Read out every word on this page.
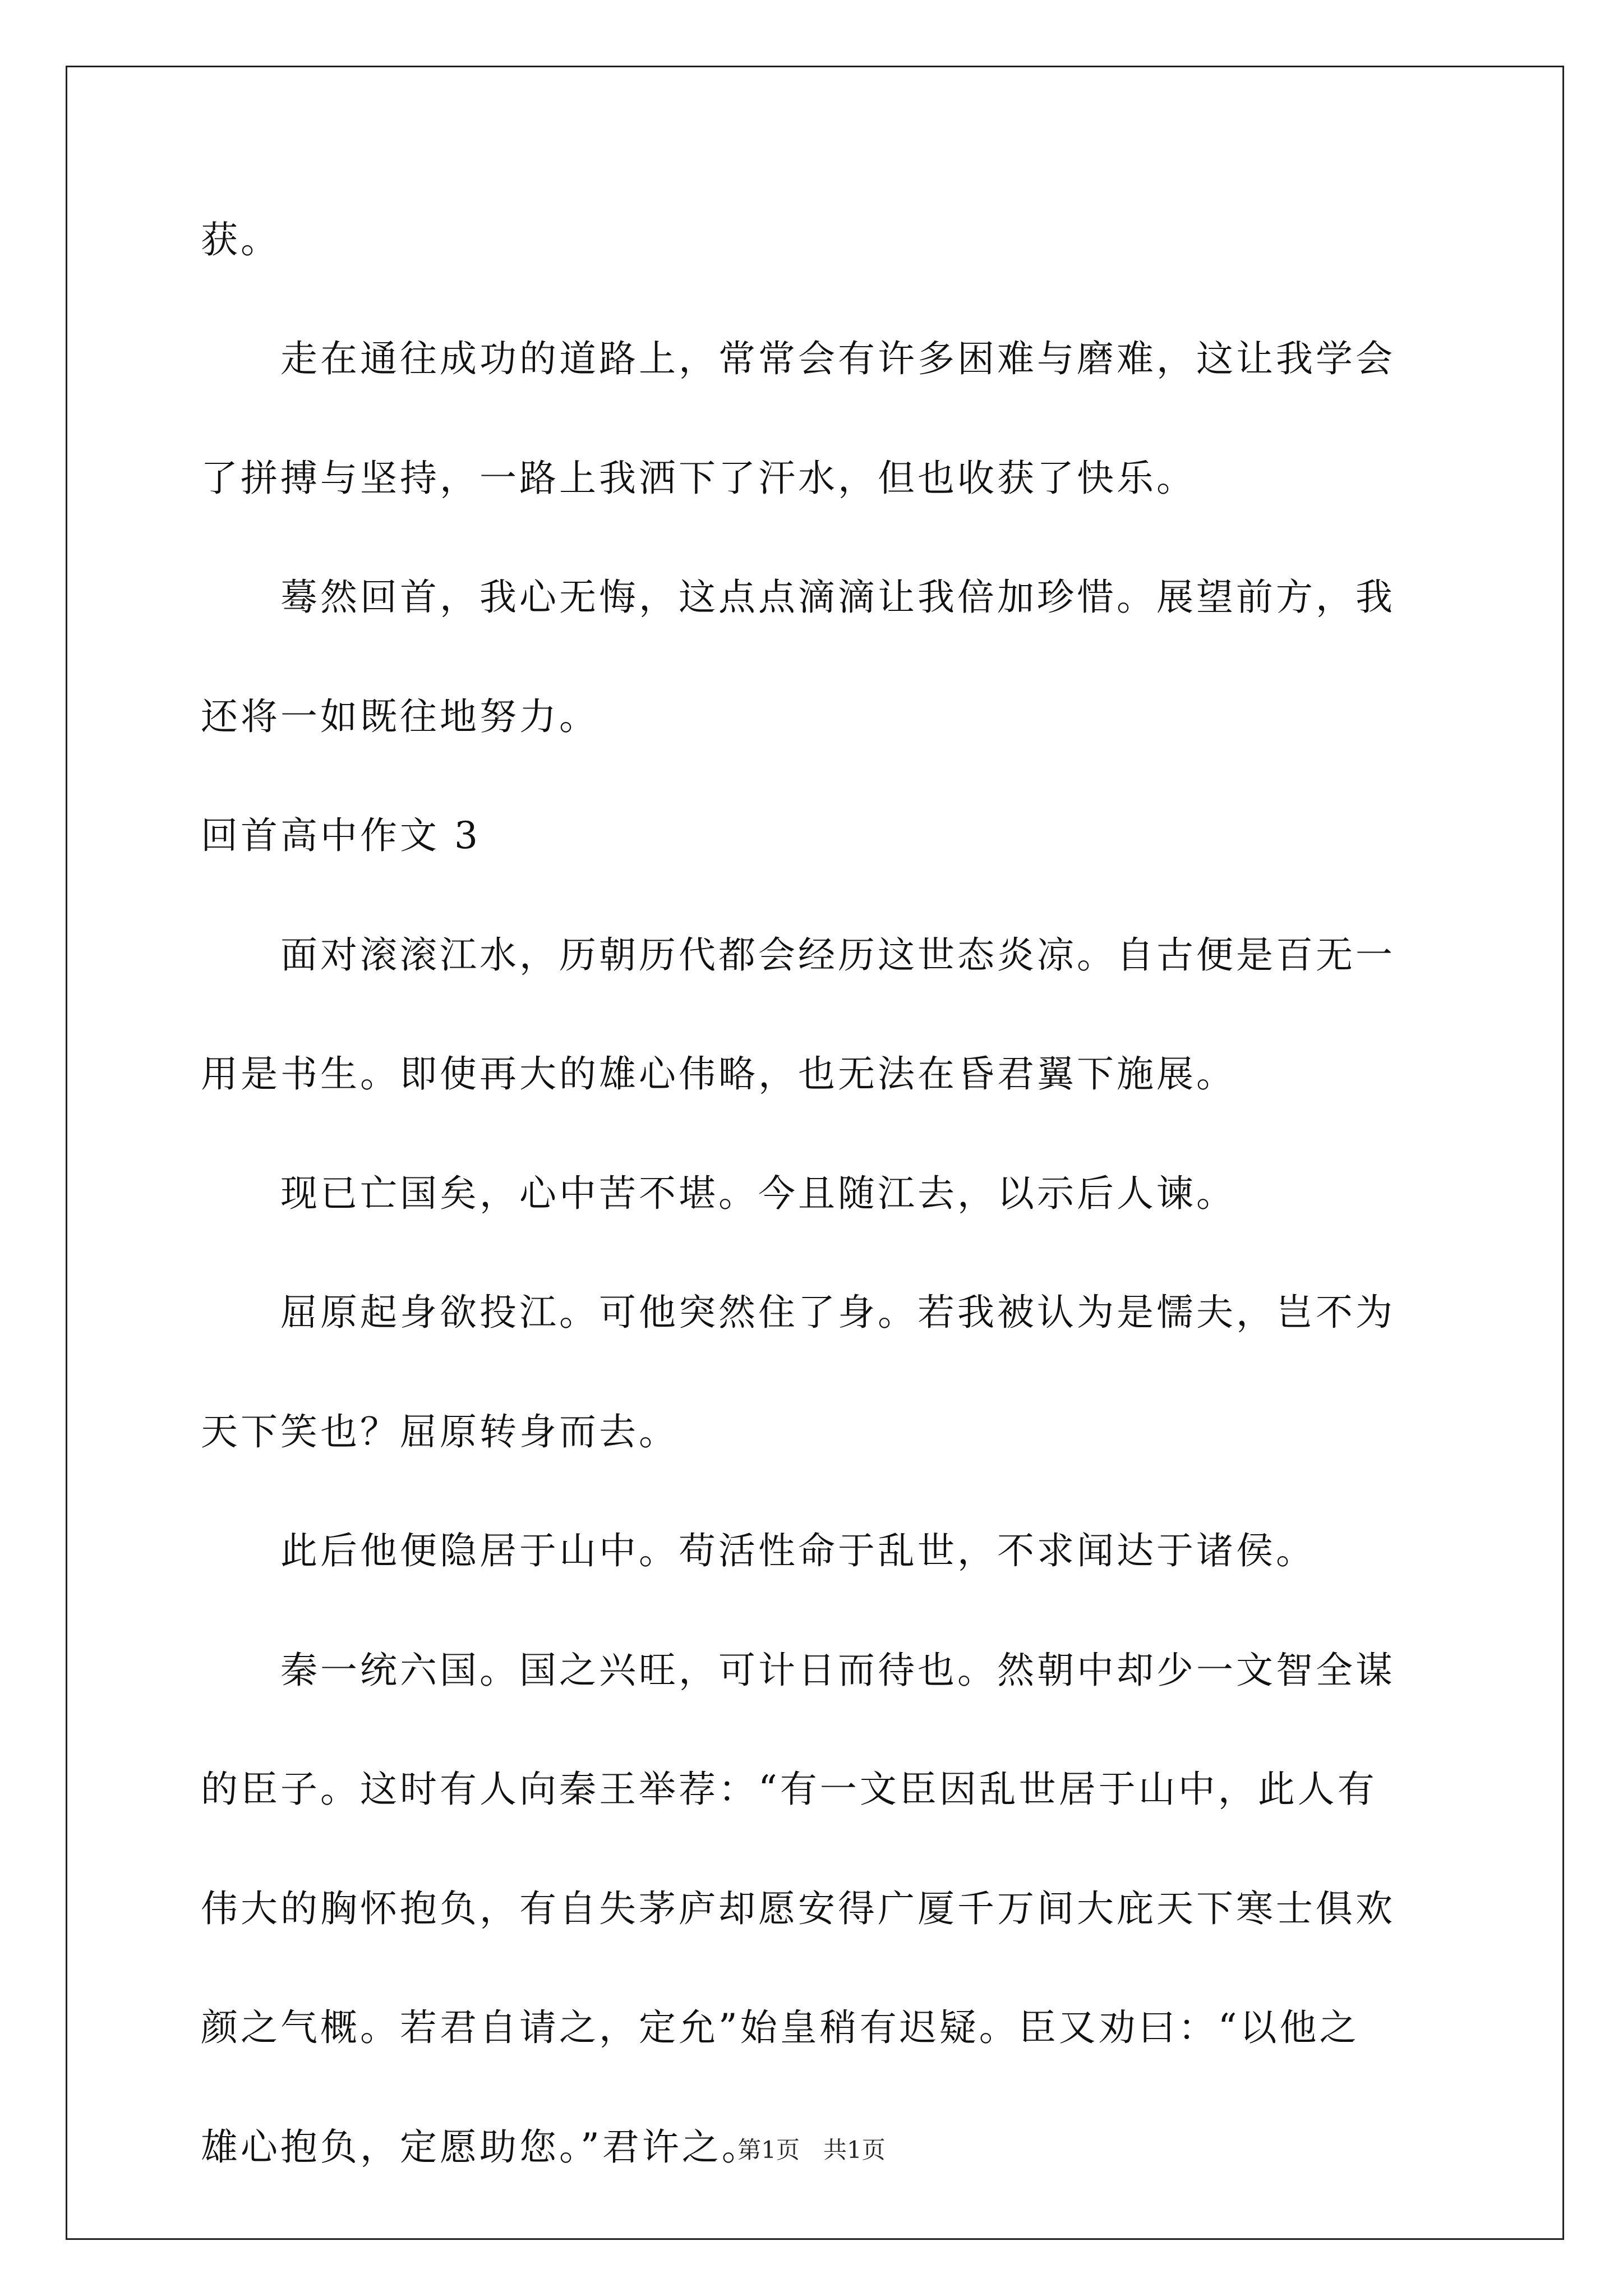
获。

　　走在通往成功的道路上，常常会有许多困难与磨难，这让我学会

了拼搏与坚持，一路上我洒下了汗水，但也收获了快乐。

　　蓦然回首，我心无悔，这点点滴滴让我倍加珍惜。展望前方，我

还将一如既往地努力。

回首高中作文 3

　　面对滚滚江水，历朝历代都会经历这世态炎凉。自古便是百无一

用是书生。即使再大的雄心伟略，也无法在昏君翼下施展。

　　现已亡国矣，心中苦不堪。今且随江去，以示后人谏。

　　屈原起身欲投江。可他突然住了身。若我被认为是懦夫，岂不为

天下笑也？屈原转身而去。

　　此后他便隐居于山中。苟活性命于乱世，不求闻达于诸侯。

　　秦一统六国。国之兴旺，可计日而待也。然朝中却少一文智全谋

的臣子。这时有人向秦王举荐：“有一文臣因乱世居于山中，此人有

伟大的胸怀抱负，有自失茅庐却愿安得广厦千万间大庇天下寒士俱欢

颜之气概。若君自请之，定允”始皇稍有迟疑。臣又劝曰：“以他之

雄心抱负，定愿助您。”君许之。

第1页　共1页
